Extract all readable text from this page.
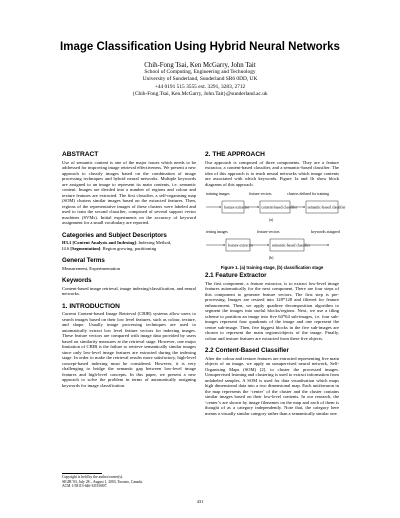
Image Classification Using Hybrid Neural Networks
Chih-Fong Tsai, Ken McGarry, John Tait
School of Computing, Engineering and Technology
University of Sunderland, Sunderland SR6 0DD, UK
+44 0191 515 3555 ext. 3291, 3283, 2712
{Chih-Fong.Tsai, Ken.McGarry, John.Tait}@sunderland.ac.uk
ABSTRACT
Use of semantic content is one of the major issues which needs to be addressed for improving image retrieval effectiveness. We present a new approach to classify images based on the combination of image processing techniques and hybrid neural networks. Multiple keywords are assigned to an image to represent its main contents, i.e. semantic content. Images are divided into a number of regions and colour and texture features are extracted. The first classifier, a self-organising map (SOM) clusters similar images based on the extracted features. Then, regions of the representative images of these clusters were labeled and used to train the second classifier, composed of several support vector machines (SVMs). Initial experiments on the accuracy of keyword assignment for a small vocabulary are reported.
Categories and Subject Descriptors
H3.1 [Content Analysis and Indexing]: Indexing Method,
I4.6 [Segmentation]: Region growing, partitioning
General Terms
Measurement, Experimentation
Keywords
Content-based image retrieval, image indexing/classification, and neural networks.
1. INTRODUCTION
Current Content-based Image Retrieval (CBIR) systems allow users to search images based on their low level features, such as colour, texture, and shape. Usually image processing techniques are used to automatically extract low level feature vectors for indexing images. These feature vectors are compared with image data provided by users based on similarity measures at the retrieval stage. However, one major limitation of CBIR is the failure to retrieve semantically similar images since only low-level image features are extracted during the indexing stage. In order to make the retrieval results more satisfactory, high-level concept-based indexing must be considered. However, it is very challenging to bridge the semantic gap between low-level image features and high-level concepts. In this paper, we present a new approach to solve the problem in terms of automatically assigning keywords for image classification.
Copyright is held by the author/owner(s).
SIGIR '03, July 28 – August 1, 2003, Toronto, Canada.
ACM 1-58113-646-3/03/0007.
2. THE APPROACH
Our approach is composed of three components. They are a feature extractor, a content-based classifier, and a semantic-based classifier. The idea of this approach is to teach neural networks which image contents are associated with which keywords. Figure 1a and 1b show block diagrams of this approach.
training images	feature vectors	clusters defined for training
feature extractor	content-based classifier	semantic-based classifier
(a)
testing images	feature vectors	keywords assigned
feature extractor	semantic-based classifier
(b)
Figure 1. (a) training stage, (b) classification stage
2.1 Feature Extractor
The first component, a feature extractor, is to extract low-level image features automatically for the next component. There are four steps of this component to generate feature vectors. The first step is pre-processing. Images are resized into 128*128 and filtered for feature enhancement. Then, we apply quadtree decomposition algorithm to segment the images into useful blocks/regions. Next, we use a tiling scheme to partition an image into five 64*64 sub-images, i.e. four sub-images represent four quadrants of the image and one represent the centre sub-image. Then, five biggest blocks in the five sub-images are chosen to represent the main regions/objects of the image. Finally, colour and texture features are extracted from these five objects.
2.2 Content-Based Classifier
After the colour and texture features are extracted representing five main objects of an image, we apply an unsupervised neural network, Self-Organising Maps (SOM) [2], to cluster the processed images. Unsupervised learning and clustering is used to extract information from unlabeled samples. A SOM is used for data visualisation which maps high dimensional data into a two dimensional map. Each unit/neuron in the map represents the ‘center’ of the cluster and the cluster contains similar images based on their low-level contents. In our research, the ‘center’s are shown by image filenames on the map and each of them is thought of as a category independently. Note that, the category here means a visually similar category rather than a semantically similar one.
431
